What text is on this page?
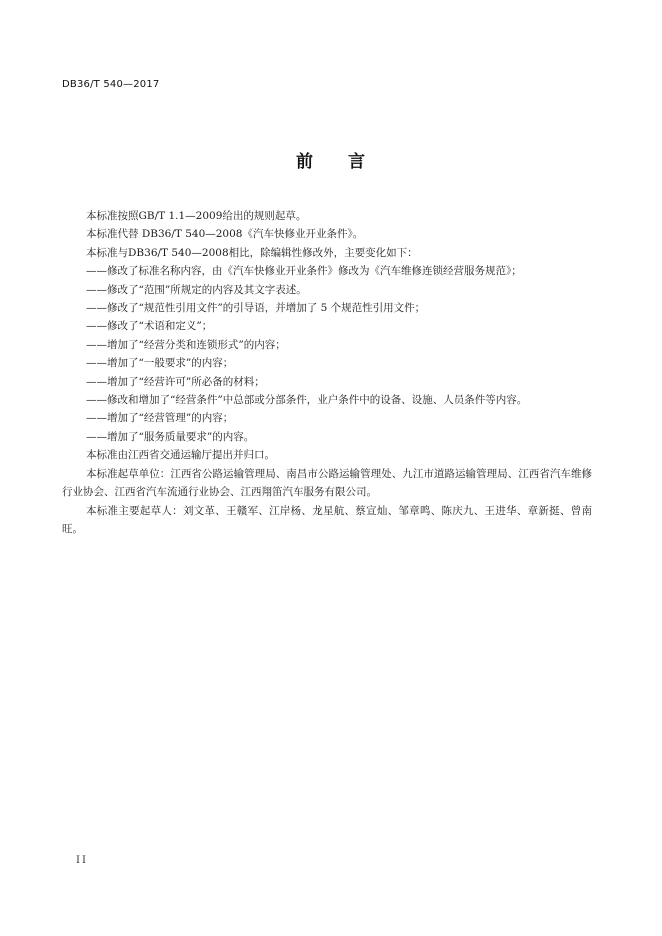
DB36/T 540—2017
前 言

本标准按照GB/T 1.1—2009给出的规则起草。

本标准代替 DB36/T 540—2008《汽车快修业开业条件》。

本标准与DB36/T 540—2008相比，除编辑性修改外，主要变化如下：

——修改了标准名称内容，由《汽车快修业开业条件》修改为《汽车维修连锁经营服务规范》；

——修改了“范围”所规定的内容及其文字表述。

——修改了“规范性引用文件”的引导语，并增加了 5 个规范性引用文件；

——修改了“术语和定义”；

——增加了“经营分类和连锁形式”的内容；

——增加了“一般要求”的内容；

——增加了“经营许可”所必备的材料；

——修改和增加了“经营条件”中总部或分部条件，业户条件中的设备、设施、人员条件等内容。

——增加了“经营管理”的内容；

——增加了“服务质量要求”的内容。

本标准由江西省交通运输厅提出并归口。

本标准起草单位：江西省公路运输管理局、南昌市公路运输管理处、九江市道路运输管理局、江西省汽车维修行业协会、江西省汽车流通行业协会、江西翔笛汽车服务有限公司。

本标准主要起草人：刘文革、王赣军、江岸杨、龙星航、蔡宣灿、邹章鸣、陈庆九、王进华、章新挺、曾南旺。

II
